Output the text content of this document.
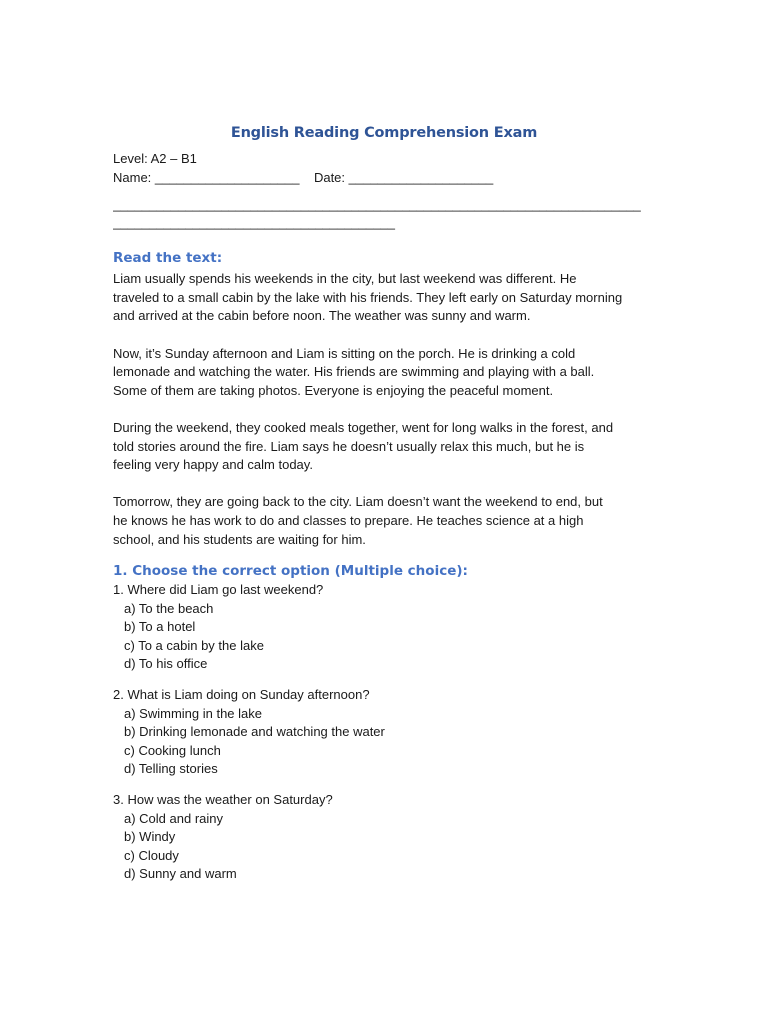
English Reading Comprehension Exam
Level: A2 – B1
Name: ____________________    Date: ____________________
_________________________________________________________________________
_______________________________________
Read the text:

Liam usually spends his weekends in the city, but last weekend was different. He
traveled to a small cabin by the lake with his friends. They left early on Saturday morning
and arrived at the cabin before noon. The weather was sunny and warm.

Now, it’s Sunday afternoon and Liam is sitting on the porch. He is drinking a cold
lemonade and watching the water. His friends are swimming and playing with a ball.
Some of them are taking photos. Everyone is enjoying the peaceful moment.

During the weekend, they cooked meals together, went for long walks in the forest, and
told stories around the fire. Liam says he doesn’t usually relax this much, but he is
feeling very happy and calm today.

Tomorrow, they are going back to the city. Liam doesn’t want the weekend to end, but
he knows he has work to do and classes to prepare. He teaches science at a high
school, and his students are waiting for him.

1. Choose the correct option (Multiple choice):
1. Where did Liam go last weekend?
a) To the beach
b) To a hotel
c) To a cabin by the lake
d) To his office
2. What is Liam doing on Sunday afternoon?
a) Swimming in the lake
b) Drinking lemonade and watching the water
c) Cooking lunch
d) Telling stories
3. How was the weather on Saturday?
a) Cold and rainy
b) Windy
c) Cloudy
d) Sunny and warm
